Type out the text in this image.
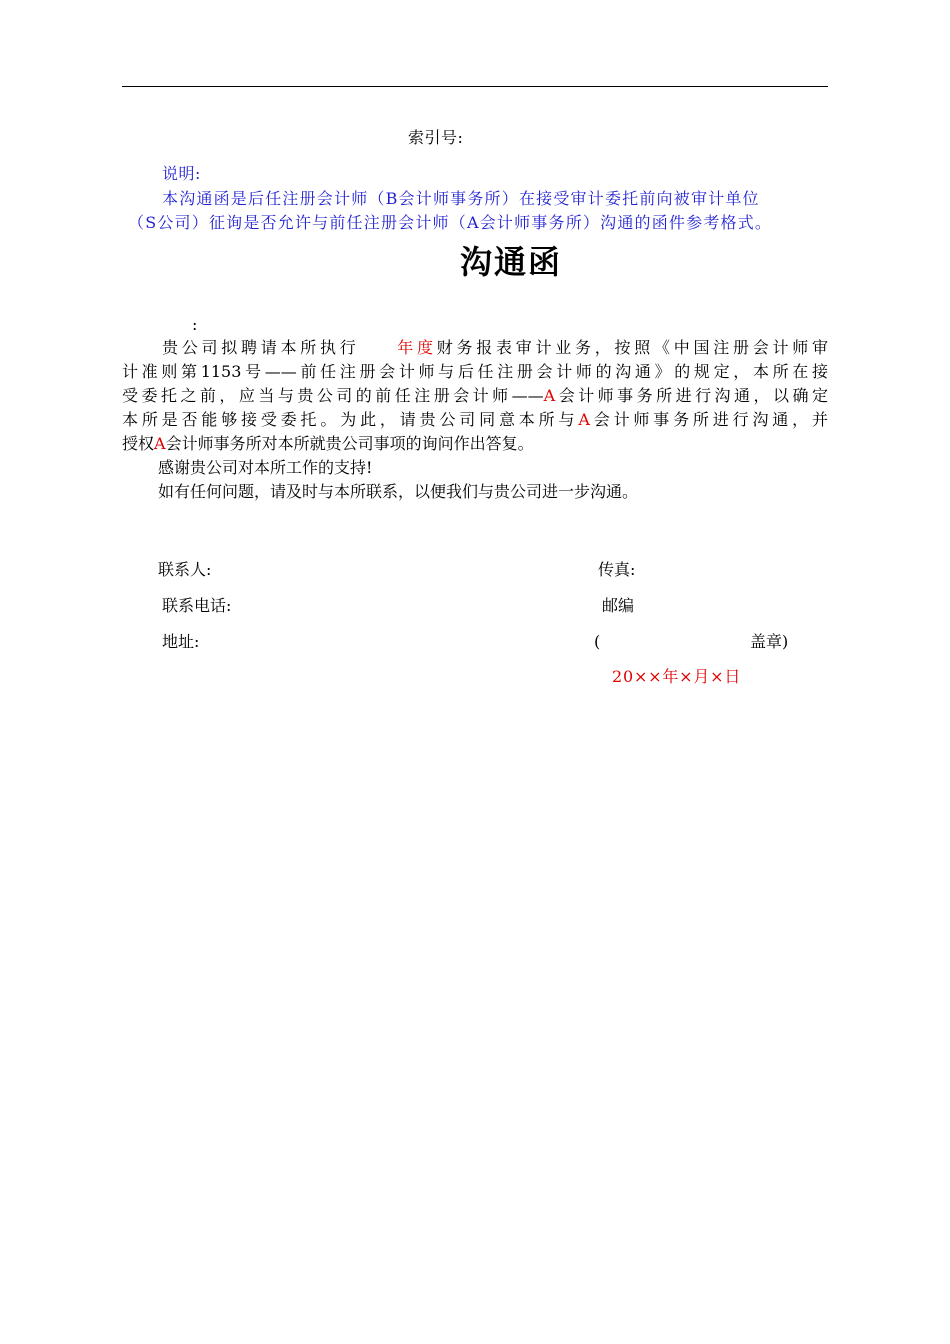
索引号:
说明:
本沟通函是后任注册会计师（B会计师事务所）在接受审计委托前向被审计单位
（S公司）征询是否允许与前任注册会计师（A会计师事务所）沟通的函件参考格式。
沟通函
:
贵公司拟聘请本所执行 年度财务报表审计业务，按照《中国注册会计师审
计准则第1153号——前任注册会计师与后任注册会计师的沟通》的规定，本所在接
受委托之前，应当与贵公司的前任注册会计师——A会计师事务所进行沟通，以确定
本所是否能够接受委托。为此，请贵公司同意本所与A会计师事务所进行沟通，并
授权A会计师事务所对本所就贵公司事项的询问作出答复。
感谢贵公司对本所工作的支持!
如有任何问题，请及时与本所联系，以便我们与贵公司进一步沟通。
联系人:
联系电话:
地址:
传真:
邮编
(	盖章)
20××年×月×日
